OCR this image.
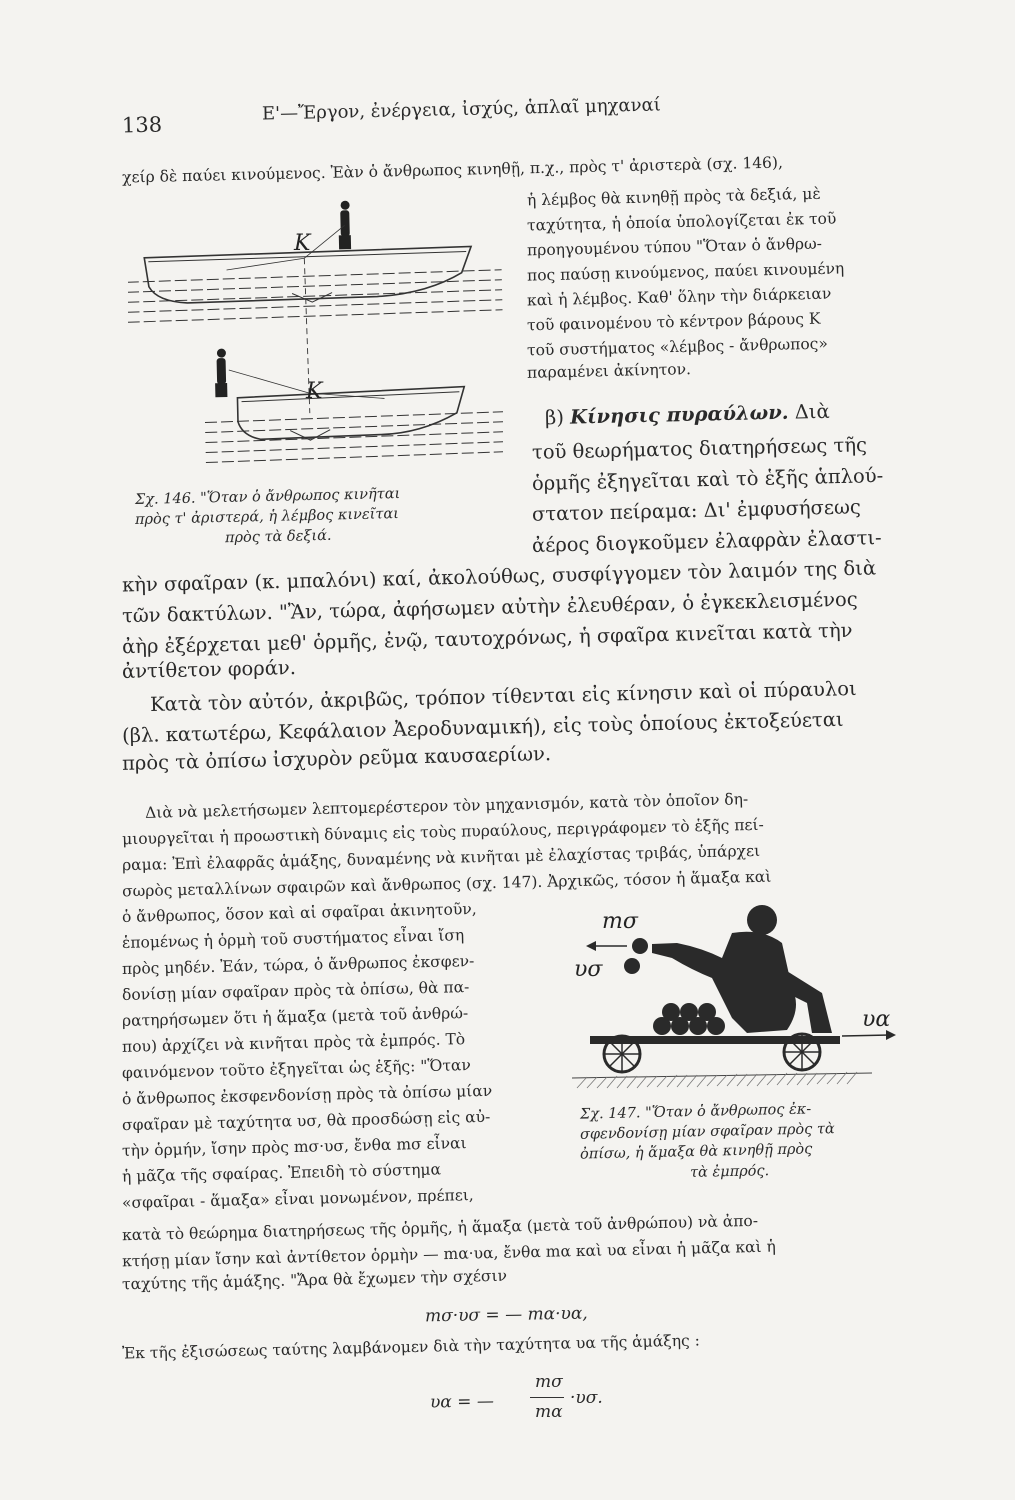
138
Ε'—Ἔργον, ἐνέργεια, ἰσχύς, ἁπλαῖ μηχαναί
χείρ δὲ παύει κινούμενος. Ἐὰν ὁ ἄνθρωπος κινηθῇ, π.χ., πρὸς τ' ἀριστερὰ (σχ. 146),
ἡ λέμβος θὰ κινηθῇ πρὸς τὰ δεξιά, μὲ
ταχύτητα, ἡ ὁποία ὑπολογίζεται ἐκ τοῦ
προηγουμένου τύπου "Ὅταν ὁ ἄνθρω-
πος παύσῃ κινούμενος, παύει κινουμένη
καὶ ἡ λέμβος. Καθ' ὅλην τὴν διάρκειαν
τοῦ φαινομένου τὸ κέντρον βάρους Κ
τοῦ συστήματος «λέμβος - ἄνθρωπος»
παραμένει ἀκίνητον.
K
K
Σχ. 146. "Ὅταν ὁ ἄνθρωπος κινῆται
πρὸς τ' ἀριστερά, ἡ λέμβος κινεῖται
πρὸς τὰ δεξιά.
β) Κίνησις πυραύλων. Διὰ
τοῦ θεωρήματος διατηρήσεως τῆς
ὁρμῆς ἐξηγεῖται καὶ τὸ ἑξῆς ἁπλού-
στατον πείραμα: Δι' ἐμφυσήσεως
ἀέρος διογκοῦμεν ἐλαφρὰν ἐλαστι-
κὴν σφαῖραν (κ. μπαλόνι) καί, ἀκολούθως, συσφίγγομεν τὸν λαιμόν της διὰ
τῶν δακτύλων. "Ἂν, τώρα, ἀφήσωμεν αὐτὴν ἐλευθέραν, ὁ ἐγκεκλεισμένος
ἀὴρ ἐξέρχεται μεθ' ὁρμῆς, ἐνῷ, ταυτοχρόνως, ἡ σφαῖρα κινεῖται κατὰ τὴν
ἀντίθετον φοράν.
Κατὰ τὸν αὐτόν, ἀκριβῶς, τρόπον τίθενται εἰς κίνησιν καὶ οἱ πύραυλοι
(βλ. κατωτέρω, Κεφάλαιον Ἀεροδυναμική), εἰς τοὺς ὁποίους ἐκτοξεύεται
πρὸς τὰ ὀπίσω ἰσχυρὸν ρεῦμα καυσαερίων.
Διὰ νὰ μελετήσωμεν λεπτομερέστερον τὸν μηχανισμόν, κατὰ τὸν ὁποῖον δη-
μιουργεῖται ἡ προωστικὴ δύναμις εἰς τοὺς πυραύλους, περιγράφομεν τὸ ἑξῆς πεί-
ραμα: Ἐπὶ ἐλαφρᾶς ἁμάξης, δυναμένης νὰ κινῆται μὲ ἐλαχίστας τριβάς, ὑπάρχει
σωρὸς μεταλλίνων σφαιρῶν καὶ ἄνθρωπος (σχ. 147). Ἀρχικῶς, τόσον ἡ ἅμαξα καὶ
ὁ ἄνθρωπος, ὅσον καὶ αἱ σφαῖραι ἀκινητοῦν,
ἑπομένως ἡ ὁρμὴ τοῦ συστήματος εἶναι ἴση
πρὸς μηδέν. Ἐάν, τώρα, ὁ ἄνθρωπος ἐκσφεν-
δονίσῃ μίαν σφαῖραν πρὸς τὰ ὀπίσω, θὰ πα-
ρατηρήσωμεν ὅτι ἡ ἅμαξα (μετὰ τοῦ ἀνθρώ-
που) ἀρχίζει νὰ κινῆται πρὸς τὰ ἐμπρός. Τὸ
φαινόμενον τοῦτο ἐξηγεῖται ὡς ἑξῆς: "Ὅταν
ὁ ἄνθρωπος ἐκσφενδονίσῃ πρὸς τὰ ὀπίσω μίαν
σφαῖραν μὲ ταχύτητα υσ, θὰ προσδώσῃ εἰς αὐ-
τὴν ὁρμήν, ἴσην πρὸς mσ·υσ, ἔνθα mσ εἶναι
ἡ μᾶζα τῆς σφαίρας. Ἐπειδὴ τὸ σύστημα
«σφαῖραι - ἅμαξα» εἶναι μονωμένον, πρέπει,
κατὰ τὸ θεώρημα διατηρήσεως τῆς ὁρμῆς, ἡ ἅμαξα (μετὰ τοῦ ἀνθρώπου) νὰ ἀπο-
κτήσῃ μίαν ἴσην καὶ ἀντίθετον ὁρμὴν — mα·υα, ἔνθα mα καὶ υα εἶναι ἡ μᾶζα καὶ ἡ
ταχύτης τῆς ἁμάξης. "Ἄρα θὰ ἔχωμεν τὴν σχέσιν
mσ·υσ = — mα·υα,
Ἐκ τῆς ἐξισώσεως ταύτης λαμβάνομεν διὰ τὴν ταχύτητα υα τῆς ἁμάξης :
υα = —
mσ
mα
·υσ.
mσ
υσ
υα
Σχ. 147. "Ὅταν ὁ ἄνθρωπος ἐκ-
σφενδονίσῃ μίαν σφαῖραν πρὸς τὰ
ὀπίσω, ἡ ἅμαξα θὰ κινηθῇ πρὸς
τὰ ἐμπρός.
